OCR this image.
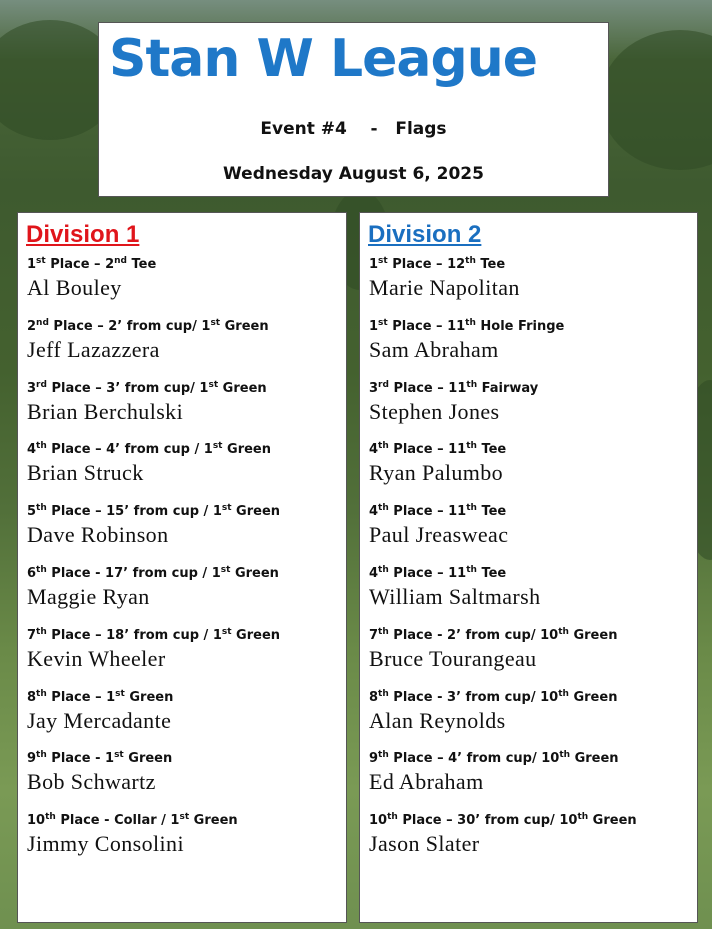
Stan W League
Event #4    -   Flags
Wednesday August 6, 2025
Division 1
1st Place – 2nd Tee
Al Bouley
2nd Place – 2’ from cup/ 1st Green
Jeff Lazazzera
3rd Place – 3’ from cup/ 1st Green
Brian Berchulski
4th Place – 4’ from cup / 1st Green
Brian Struck
5th Place – 15’ from cup / 1st Green
Dave Robinson
6th Place - 17’ from cup / 1st Green
Maggie Ryan
7th Place – 18’ from cup / 1st Green
Kevin Wheeler
8th Place – 1st Green
Jay Mercadante
9th Place - 1st Green
Bob Schwartz
10th Place - Collar / 1st Green
Jimmy Consolini
Division 2
1st Place – 12th Tee
Marie Napolitan
1st Place – 11th Hole Fringe
Sam Abraham
3rd Place – 11th Fairway
Stephen Jones
4th Place – 11th Tee
Ryan Palumbo
4th Place – 11th Tee
Paul Jreasweac
4th Place – 11th Tee
William Saltmarsh
7th Place - 2’ from cup/ 10th Green
Bruce Tourangeau
8th Place - 3’ from cup/ 10th Green
Alan Reynolds
9th Place – 4’ from cup/ 10th Green
Ed Abraham
10th Place – 30’ from cup/ 10th Green
Jason Slater
